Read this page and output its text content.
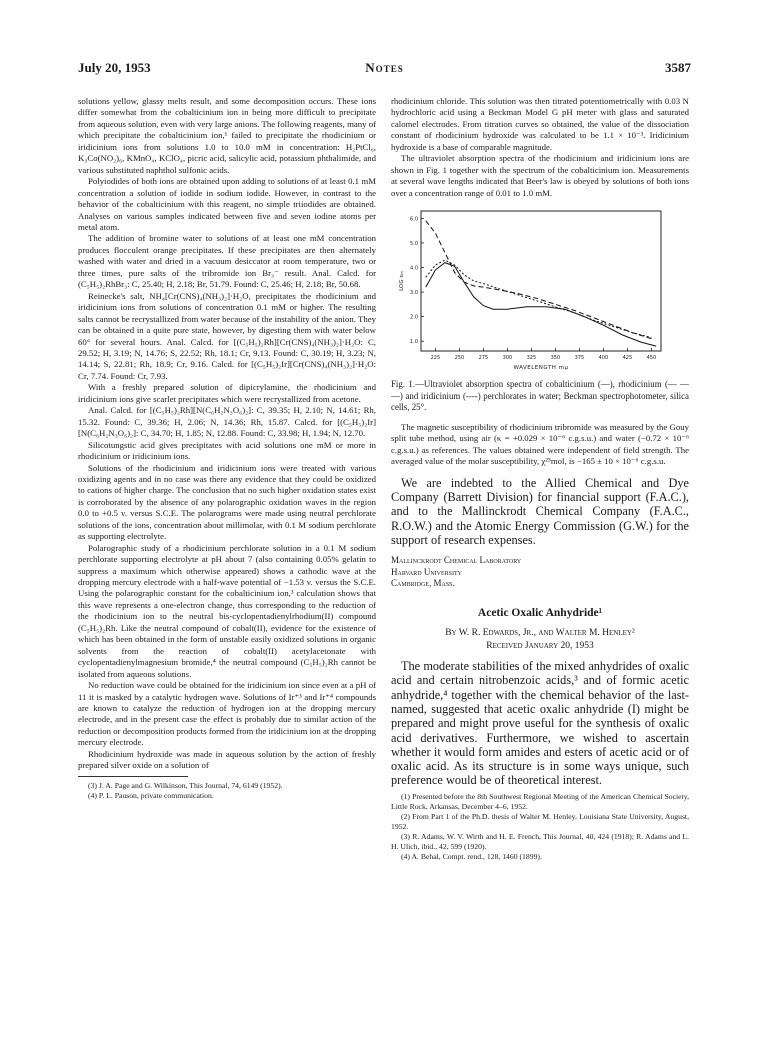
July 20, 1953	Notes	3587

solutions yellow, glassy melts result, and some decomposition occurs. These ions differ somewhat from the cobalticinium ion in being more difficult to precipitate from aqueous solution, even with very large anions. The following reagents, many of which precipitate the cobalticinium ion,¹ failed to precipitate the rhodicinium or iridicinium ions from solutions 1.0 to 10.0 mM in concentration: H₂PtCl₆, K₃Co(NO₂)₆, KMnO₄, KClO₄, picric acid, salicylic acid, potassium phthalimide, and various substituted naphthol sulfonic acids.

Polyiodides of both ions are obtained upon adding to solutions of at least 0.1 mM concentration a solution of iodide in sodium iodide. However, in contrast to the behavior of the cobalticinium with this reagent, no simple triiodides are obtained. Analyses on various samples indicated between five and seven iodine atoms per metal atom.

The addition of bromine water to solutions of at least one mM concentration produces flocculent orange precipitates. If these precipitates are then alternately washed with water and dried in a vacuum desiccator at room temperature, two or three times, pure salts of the tribromide ion Br₃⁻ result. Anal. Calcd. for (C₅H₅)₂RhBr₃: C, 25.40; H, 2.18; Br, 51.79. Found: C, 25.46; H, 2.18; Br, 50.68.

Reinecke's salt, NH₄[Cr(CNS)₄(NH₃)₂]·H₂O, precipitates the rhodicinium and iridicinium ions from solutions of concentration 0.1 mM or higher. The resulting salts cannot be recrystallized from water because of the instability of the anion. They can be obtained in a quite pure state, however, by digesting them with water below 60° for several hours. Anal. Calcd. for [(C₅H₅)₂Rh][Cr(CNS)₄(NH₃)₂]·H₂O: C, 29.52; H, 3.19; N, 14.76; S, 22.52; Rh, 18.1; Cr, 9.13. Found: C, 30.19; H, 3.23; N, 14.14; S, 22.81; Rh, 18.9; Cr, 9.16. Calcd. for [(C₅H₅)₂Ir][Cr(CNS)₄(NH₃)₂]·H₂O: Cr, 7.74. Found: Cr, 7.93.

With a freshly prepared solution of dipicrylamine, the rhodicinium and iridicinium ions give scarlet precipitates which were recrystallized from acetone.

Anal. Calcd. for [(C₅H₅)₂Rh][N(C₆H₂N₃O₆)₂]: C, 39.35; H, 2.10; N, 14.61; Rh, 15.32. Found: C, 39.36; H, 2.06; N, 14.36; Rh, 15.87. Calcd. for [(C₅H₅)₂Ir][N(C₆H₂N₃O₆)₂]: C, 34.70; H, 1.85; N, 12.88. Found: C, 33.98; H, 1.94; N, 12.70.

Silicotungstic acid gives precipitates with acid solutions one mM or more in rhodicinium or iridicinium ions.

Solutions of the rhodicinium and iridicinium ions were treated with various oxidizing agents and in no case was there any evidence that they could be oxidized to cations of higher charge. The conclusion that no such higher oxidation states exist is corroborated by the absence of any polarographic oxidation waves in the region 0.0 to +0.5 v. versus S.C.E. The polarograms were made using neutral perchlorate solutions of the ions, concentration about millimolar, with 0.1 M sodium perchlorate as supporting electrolyte.

Polarographic study of a rhodicinium perchlorate solution in a 0.1 M sodium perchlorate supporting electrolyte at pH about 7 (also containing 0.05% gelatin to suppress a maximum which otherwise appeared) shows a cathodic wave at the dropping mercury electrode with a half-wave potential of −1.53 v. versus the S.C.E. Using the polarographic constant for the cobalticinium ion,³ calculation shows that this wave represents a one-electron change, thus corresponding to the reduction of the rhodicinium ion to the neutral bis-cyclopentadienylrhodium(II) compound (C₅H₅)₂Rh. Like the neutral compound of cobalt(II), evidence for the existence of which has been obtained in the form of unstable easily oxidized solutions in organic solvents from the reaction of cobalt(II) acetylacetonate with cyclopentadienylmagnesium bromide,⁴ the neutral compound (C₅H₅)₂Rh cannot be isolated from aqueous solutions.

No reduction wave could be obtained for the iridicinium ion since even at a pH of 11 it is masked by a catalytic hydrogen wave. Solutions of Ir⁺³ and Ir⁺⁴ compounds are known to catalyze the reduction of hydrogen ion at the dropping mercury electrode, and in the present case the effect is probably due to similar action of the reduction or decomposition products formed from the iridicinium ion at the dropping mercury electrode.

Rhodicinium hydroxide was made in aqueous solution by the action of freshly prepared silver oxide on a solution of

(3) J. A. Page and G. Wilkinson, This Journal, 74, 6149 (1952).

(4) P. L. Pauson, private communication.

rhodicinium chloride. This solution was then titrated potentiometrically with 0.03 N hydrochloric acid using a Beckman Model G pH meter with glass and saturated calomel electrodes. From titration curves so obtained, the value of the dissociation constant of rhodicinium hydroxide was calculated to be 1.1 × 10⁻³. Iridicinium hydroxide is a base of comparable magnitude.

The ultraviolet absorption spectra of the rhodicinium and iridicinium ions are shown in Fig. 1 together with the spectrum of the cobalticinium ion. Measurements at several wave lengths indicated that Beer's law is obeyed by solutions of both ions over a concentration range of 0.01 to 1.0 mM.

225	250	275	300	325	350	375	400	425	450
1.0
2.0
3.0
4.0
5.0
6.0
WAVELENGTH mμ
LOG εₘ
Fig. 1.—Ultraviolet absorption spectra of cobalticinium (—), rhodicinium (— — —) and iridicinium (----) perchlorates in water; Beckman spectrophotometer, silica cells, 25°.

The magnetic susceptibility of rhodicinium tribromide was measured by the Gouy split tube method, using air (κ = +0.029 × 10⁻⁶ c.g.s.u.) and water (−0.72 × 10⁻⁶ c.g.s.u.) as references. The values obtained were independent of field strength. The averaged value of the molar susceptibility, χ²⁵mol, is −165 ± 10 × 10⁻⁶ c.g.s.u.

We are indebted to the Allied Chemical and Dye Company (Barrett Division) for financial support (F.A.C.), and to the Mallinckrodt Chemical Company (F.A.C., R.O.W.) and the Atomic Energy Commission (G.W.) for the support of research expenses.

Mallinckrodt Chemical Laboratory
Harvard University
Cambridge, Mass.
Acetic Oxalic Anhydride¹
By W. R. Edwards, Jr., and Walter M. Henley²
Received January 20, 1953

The moderate stabilities of the mixed anhydrides of oxalic acid and certain nitrobenzoic acids,³ and of formic acetic anhydride,⁴ together with the chemical behavior of the last-named, suggested that acetic oxalic anhydride (I) might be prepared and might prove useful for the synthesis of oxalic acid derivatives. Furthermore, we wished to ascertain whether it would form amides and esters of acetic acid or of oxalic acid. As its structure is in some ways unique, such preference would be of theoretical interest.

(1) Presented before the 8th Southwest Regional Meeting of the American Chemical Society, Little Rock, Arkansas, December 4–6, 1952.

(2) From Part 1 of the Ph.D. thesis of Walter M. Henley, Louisiana State University, August, 1952.

(3) R. Adams, W. V. Wirth and H. E. French, This Journal, 40, 424 (1918); R. Adams and L. H. Ulich, ibid., 42, 599 (1920).

(4) A. Behal, Compt. rend., 128, 1460 (1899).
